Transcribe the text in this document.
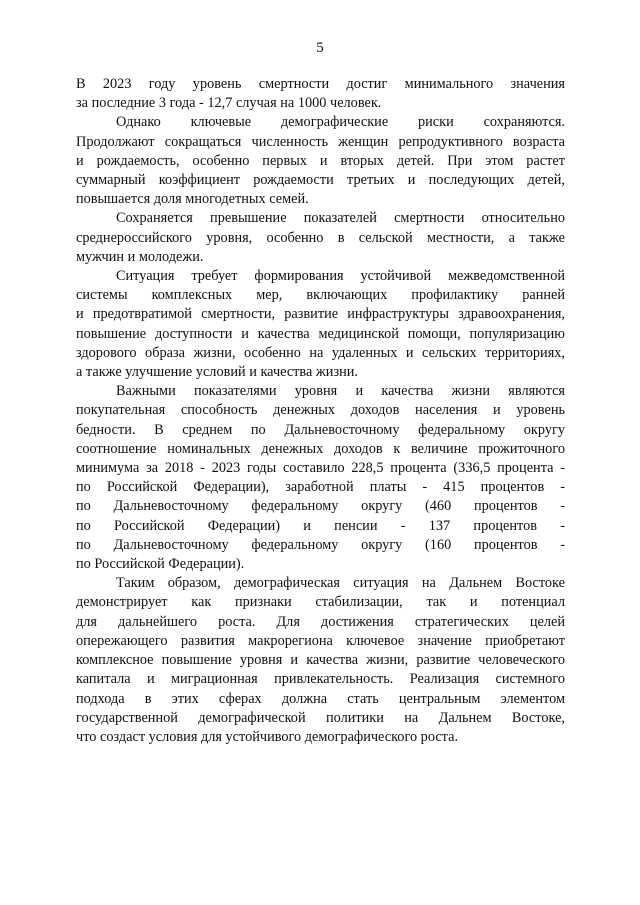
5
В 2023 году уровень смертности достиг минимального значения
за последние 3 года - 12,7 случая на 1000 человек.
Однако ключевые демографические риски сохраняются.
Продолжают сокращаться численность женщин репродуктивного возраста
и рождаемость, особенно первых и вторых детей. При этом растет
суммарный коэффициент рождаемости третьих и последующих детей,
повышается доля многодетных семей.
Сохраняется превышение показателей смертности относительно
среднероссийского уровня, особенно в сельской местности, а также
мужчин и молодежи.
Ситуация требует формирования устойчивой межведомственной
системы комплексных мер, включающих профилактику ранней
и предотвратимой смертности, развитие инфраструктуры здравоохранения,
повышение доступности и качества медицинской помощи, популяризацию
здорового образа жизни, особенно на удаленных и сельских территориях,
а также улучшение условий и качества жизни.
Важными показателями уровня и качества жизни являются
покупательная способность денежных доходов населения и уровень
бедности. В среднем по Дальневосточному федеральному округу
соотношение номинальных денежных доходов к величине прожиточного
минимума за 2018 - 2023 годы составило 228,5 процента (336,5 процента -
по Российской Федерации), заработной платы - 415 процентов -
по Дальневосточному федеральному округу (460 процентов -
по Российской Федерации) и пенсии - 137 процентов -
по Дальневосточному федеральному округу (160 процентов -
по Российской Федерации).
Таким образом, демографическая ситуация на Дальнем Востоке
демонстрирует как признаки стабилизации, так и потенциал
для дальнейшего роста. Для достижения стратегических целей
опережающего развития макрорегиона ключевое значение приобретают
комплексное повышение уровня и качества жизни, развитие человеческого
капитала и миграционная привлекательность. Реализация системного
подхода в этих сферах должна стать центральным элементом
государственной демографической политики на Дальнем Востоке,
что создаст условия для устойчивого демографического роста.
